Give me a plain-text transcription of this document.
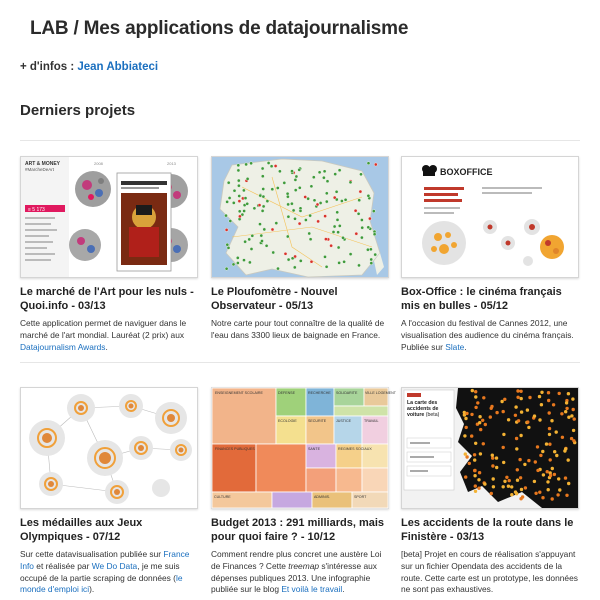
LAB / Mes applications de datajournalisme
+ d'infos : Jean Abbiateci
Derniers projets
ART & MONEY
#MarcheDeArt
≡ 5 173
2008	2013
Le marché de l'Art pour les nuls - Quoi.info - 03/13

Cette application permet de naviguer dans le marché de l'art mondial. Lauréat (2 prix) aux Datajournalism Awards.

Le Ploufomètre - Nouvel Observateur - 05/13

Notre carte pour tout connaître de la qualité de l'eau dans 3300 lieux de baignade en France.

BOXOFFICE
Box-Office : le cinéma français mis en bulles - 05/12

A l'occasion du festival de Cannes 2012, une visualisation des audience du cinéma français. Publiée sur Slate.

Les médailles aux Jeux Olympiques - 07/12

Sur cette datavisualisation publiée sur France Info et réalisée par We Do Data, je me suis occupé de la partie scraping de données (le monde d'emploi ici).

ENSEIGNEMENT SCOLAIRE	DEFENSE	RECHERCHE SOLIDARITE VILLE LOGEMENT
ECOLOGIE	SECURITE	JUSTICE	TRAVAIL
SANTE	REGIMES SOCIAUX
FINANCES PUBLIQUES
CULTURE	ADMINIS.	SPORT
Budget 2013 : 291 milliards, mais pour quoi faire ? - 10/12

Comment rendre plus concret une austère Loi de Finances ? Cette treemap s'intéresse aux dépenses publiques 2013. Une infographie publiée sur le blog Et voilà le travail.

La carte des accidents de voiture (beta)
Les accidents de la route dans le Finistère - 03/13

[beta] Projet en cours de réalisation s'appuyant sur un fichier Opendata des accidents de la route. Cette carte est un prototype, les données ne sont pas exhaustives.
